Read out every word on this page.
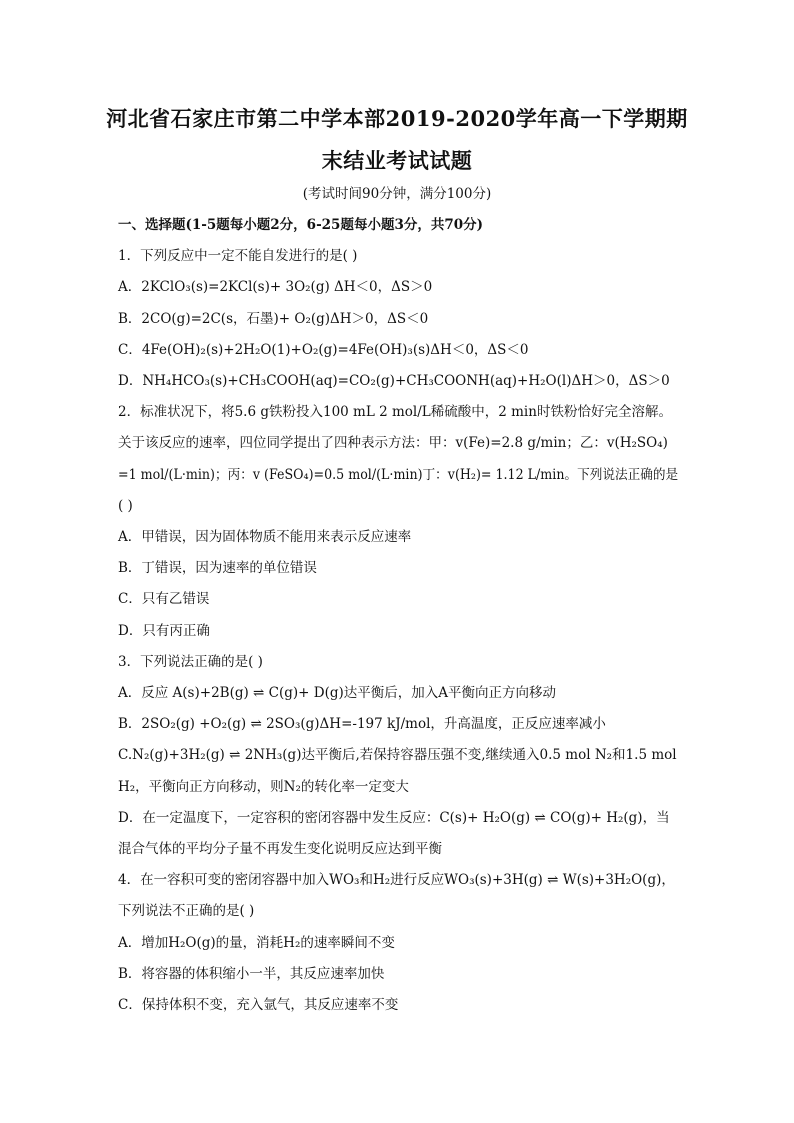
河北省石家庄市第二中学本部2019-2020学年高一下学期期
末结业考试试题
(考试时间90分钟，满分100分)
一、选择题(1-5题每小题2分，6-25题每小题3分，共70分)
1．下列反应中一定不能自发进行的是( )
A．2KClO₃(s)=2KCl(s)+ 3O₂(g) ΔH＜0，ΔS＞0
B．2CO(g)=2C(s，石墨)+ O₂(g)ΔH＞0，ΔS＜0
C．4Fe(OH)₂(s)+2H₂O(1)+O₂(g)=4Fe(OH)₃(s)ΔH＜0，ΔS＜0
D．NH₄HCO₃(s)+CH₃COOH(aq)=CO₂(g)+CH₃COONH(aq)+H₂O(l)ΔH＞0，ΔS＞0
2．标准状况下，将5.6 g铁粉投入100 mL 2 mol/L稀硫酸中，2 min时铁粉恰好完全溶解。
关于该反应的速率，四位同学提出了四种表示方法：甲：v(Fe)=2.8 g/min；乙：v(H₂SO₄)
=1 mol/(L·min)；丙：v (FeSO₄)=0.5 mol/(L·min)丁：v(H₂)= 1.12 L/min。下列说法正确的是
( )
A．甲错误，因为固体物质不能用来表示反应速率
B．丁错误，因为速率的单位错误
C．只有乙错误
D．只有丙正确
3．下列说法正确的是( )
A．反应 A(s)+2B(g) ⇌ C(g)+ D(g)达平衡后，加入A平衡向正方向移动
B．2SO₂(g) +O₂(g) ⇌ 2SO₃(g)ΔH=-197 kJ/mol，升高温度，正反应速率减小
C.N₂(g)+3H₂(g) ⇌ 2NH₃(g)达平衡后,若保持容器压强不变,继续通入0.5 mol N₂和1.5 mol
H₂，平衡向正方向移动，则N₂的转化率一定变大
D．在一定温度下，一定容积的密闭容器中发生反应：C(s)+ H₂O(g) ⇌ CO(g)+ H₂(g)，当
混合气体的平均分子量不再发生变化说明反应达到平衡
4．在一容积可变的密闭容器中加入WO₃和H₂进行反应WO₃(s)+3H(g) ⇌ W(s)+3H₂O(g)，
下列说法不正确的是( )
A．增加H₂O(g)的量，消耗H₂的速率瞬间不变
B．将容器的体积缩小一半，其反应速率加快
C．保持体积不变，充入氩气，其反应速率不变
